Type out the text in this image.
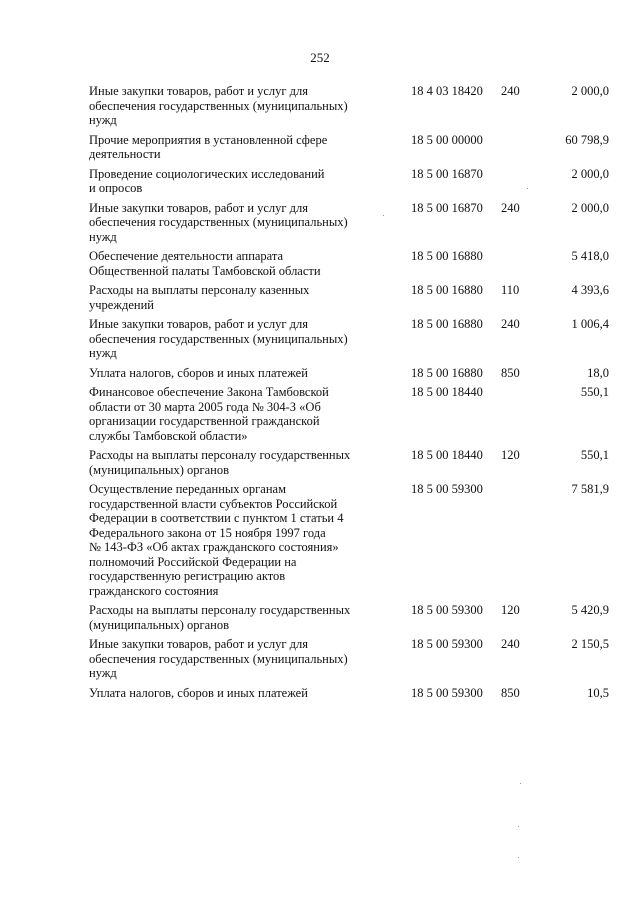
252
Иные закупки товаров, работ и услуг для
обеспечения государственных (муниципальных)
нужд
18 4 03 18420 240	2 000,0
Прочие мероприятия в установленной сфере
деятельности
18 5 00 00000	60 798,9
Проведение социологических исследований
и опросов
18 5 00 16870	2 000,0
Иные закупки товаров, работ и услуг для
обеспечения государственных (муниципальных)
нужд
18 5 00 16870 240	2 000,0
Обеспечение деятельности аппарата
Общественной палаты Тамбовской области
18 5 00 16880	5 418,0
Расходы на выплаты персоналу казенных
учреждений
18 5 00 16880 110	4 393,6
Иные закупки товаров, работ и услуг для
обеспечения государственных (муниципальных)
нужд
18 5 00 16880 240	1 006,4
Уплата налогов, сборов и иных платежей	18 5 00 16880 850	18,0
Финансовое обеспечение Закона Тамбовской
области от 30 марта 2005 года № 304-З «Об
организации государственной гражданской
службы Тамбовской области»
18 5 00 18440	550,1
Расходы на выплаты персоналу государственных
(муниципальных) органов
18 5 00 18440 120	550,1
Осуществление переданных органам
государственной власти субъектов Российской
Федерации в соответствии с пунктом 1 статьи 4
Федерального закона от 15 ноября 1997 года
№ 143-ФЗ «Об актах гражданского состояния»
полномочий Российской Федерации на
государственную регистрацию актов
гражданского состояния
18 5 00 59300	7 581,9
Расходы на выплаты персоналу государственных
(муниципальных) органов
18 5 00 59300 120	5 420,9
Иные закупки товаров, работ и услуг для
обеспечения государственных (муниципальных)
нужд
18 5 00 59300 240	2 150,5
Уплата налогов, сборов и иных платежей	18 5 00 59300 850	10,5
